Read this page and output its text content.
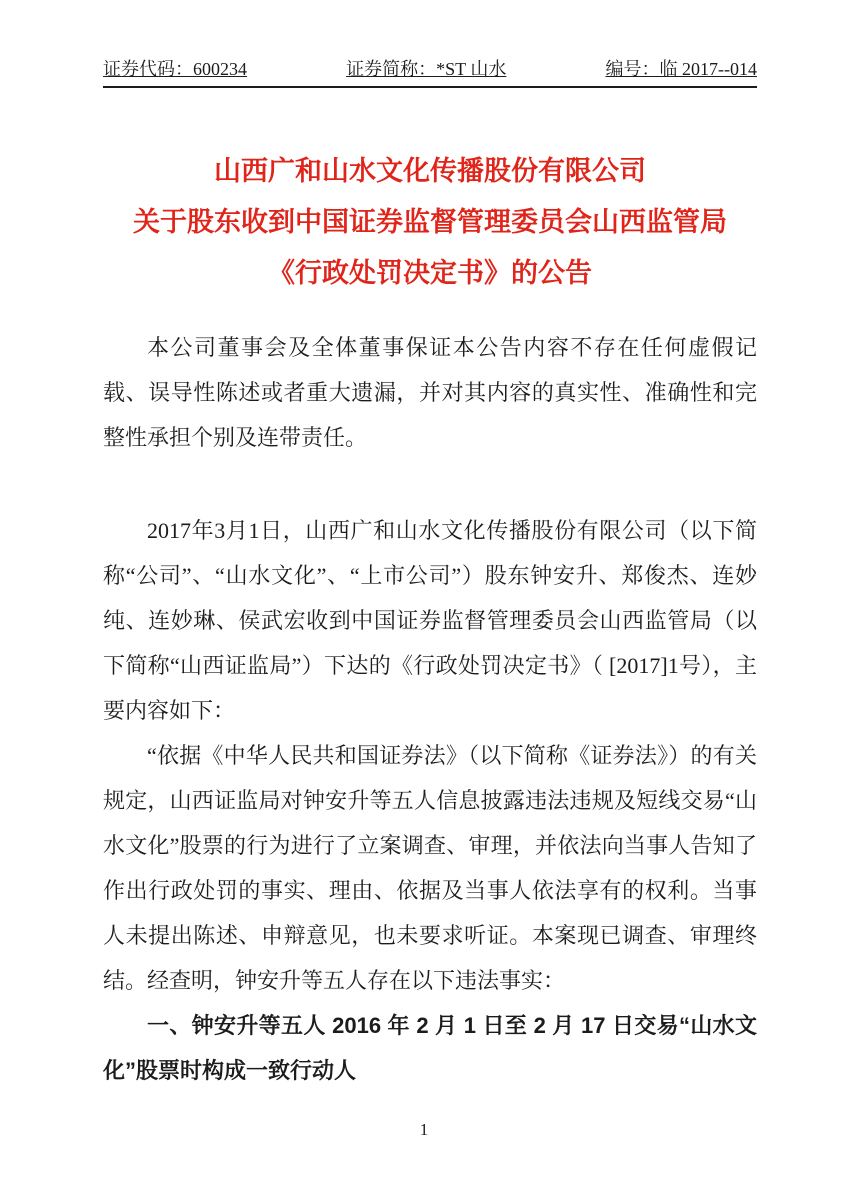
证券代码：600234	证券简称：*ST 山水	编号：临 2017--014
山西广和山水文化传播股份有限公司
关于股东收到中国证券监督管理委员会山西监管局
《行政处罚决定书》的公告

本公司董事会及全体董事保证本公告内容不存在任何虚假记载、误导性陈述或者重大遗漏，并对其内容的真实性、准确性和完整性承担个别及连带责任。

2017年3月1日，山西广和山水文化传播股份有限公司（以下简称“公司”、“山水文化”、“上市公司”）股东钟安升、郑俊杰、连妙纯、连妙琳、侯武宏收到中国证券监督管理委员会山西监管局（以下简称“山西证监局”）下达的《行政处罚决定书》（ [2017]1号），主要内容如下：

“依据《中华人民共和国证券法》（以下简称《证券法》）的有关规定，山西证监局对钟安升等五人信息披露违法违规及短线交易“山水文化”股票的行为进行了立案调查、审理，并依法向当事人告知了作出行政处罚的事实、理由、依据及当事人依法享有的权利。当事人未提出陈述、申辩意见，也未要求听证。本案现已调查、审理终结。经查明，钟安升等五人存在以下违法事实：

一、钟安升等五人 2016 年 2 月 1 日至 2 月 17 日交易“山水文化”股票时构成一致行动人

1
